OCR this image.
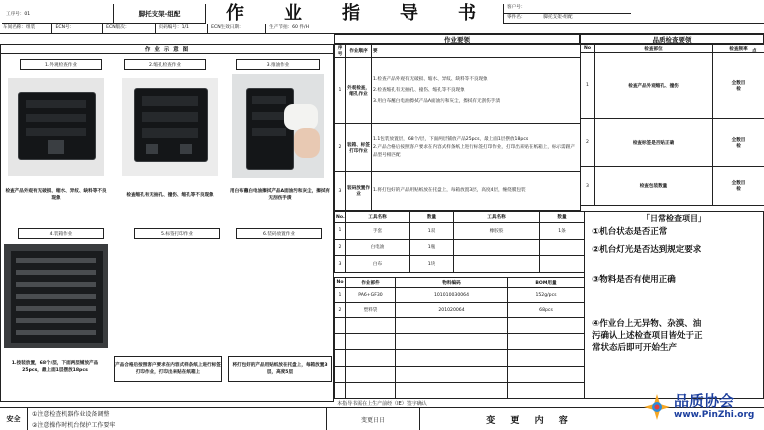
工序号：01	脚托支架-组配	作 业 指 导 书	客户号：
零件名：	脚托支架-组配
车间名称：组装	ECN号：	ECN版次：	页码编号：1/1	ECN生效日期：	生产节拍：60 件/H
作 业 示 意 图
1.外观检查作业	2.缩孔检查作业	3.推油作业
检查产品外观有无破损、缩水、异纹、缺料等不良现象
检查缩孔有无抽孔、撞伤、缩孔等不良现象
用白布蘸白电油擦拭产品A面油污和灰尘，擦拭有无刮伤手渍
4.装箱作业	5.标签打印作业	6.装码放置作业
1.按装放置，68个/层，下面两层铺放产品25pcs，最上面1层摆放18pcs
产品合格后按照客户要求在内容式样条纸上进行标签打印作业，打印出来贴在纸箱上
将打包好的产品用贴纸放在托盘上，每箱放置3层，高度5层
作业要领	品质检查要领
序号	作业顺序	要 点
1	外观检查，缩孔作业	1.检查产品外观有无破损、缩水、异纹、缺料等不良现象
2.检查缩孔有无抽孔、撞伤、缩孔等不良现象
3.用白布蘸白电油擦拭产品A面油污和灰尘，擦拭有无刮伤手渍

2	装箱、标签打印作业	1.1包装放置层，68个/层，下面两层铺放产品25pcs，最上面1层摆放18pcs
2.产品合格后按照客户要求在内容式样条纸上进行标签打印作业，打印出来贴在纸箱上，标示需跟产品型号相匹配

3	装码放置作业	1.将打包好的产品用贴纸放在托盘上，每箱放置3层，高度4层，缠绕膜包装
No	检查部位	检查频率
1	检查产品外观缩孔、撞伤	全数目检
2	检查标签是否贴正确	全数目检
3	检查包装数量	全数目检
No.	工具名称	数量	工具名称	数量
1	手套	1双	橡胶胶	1条
2	白电油	1瓶		
3	白布	1块		
No	作业部件	物料编码	BOM用量
1	PA6+GF30	101010030064	152g/pcs
2	塑料袋	201020064	68pcs

「日常检查项目」
①机台状态是否正常
②机台灯光是否达到规定要求
③物料是否有使用正确
④作业台上无异物、杂漠、油污确认上述检查项目皆处于正常状态后即可开始生产
本指导书需在上生产前经（IE）签字确认
安全
①注意检查机器作业设备调整
②注意操作时机台保护工作要牢
变更日日	变 更 内 容
品质协会
www.PinZhi.org
